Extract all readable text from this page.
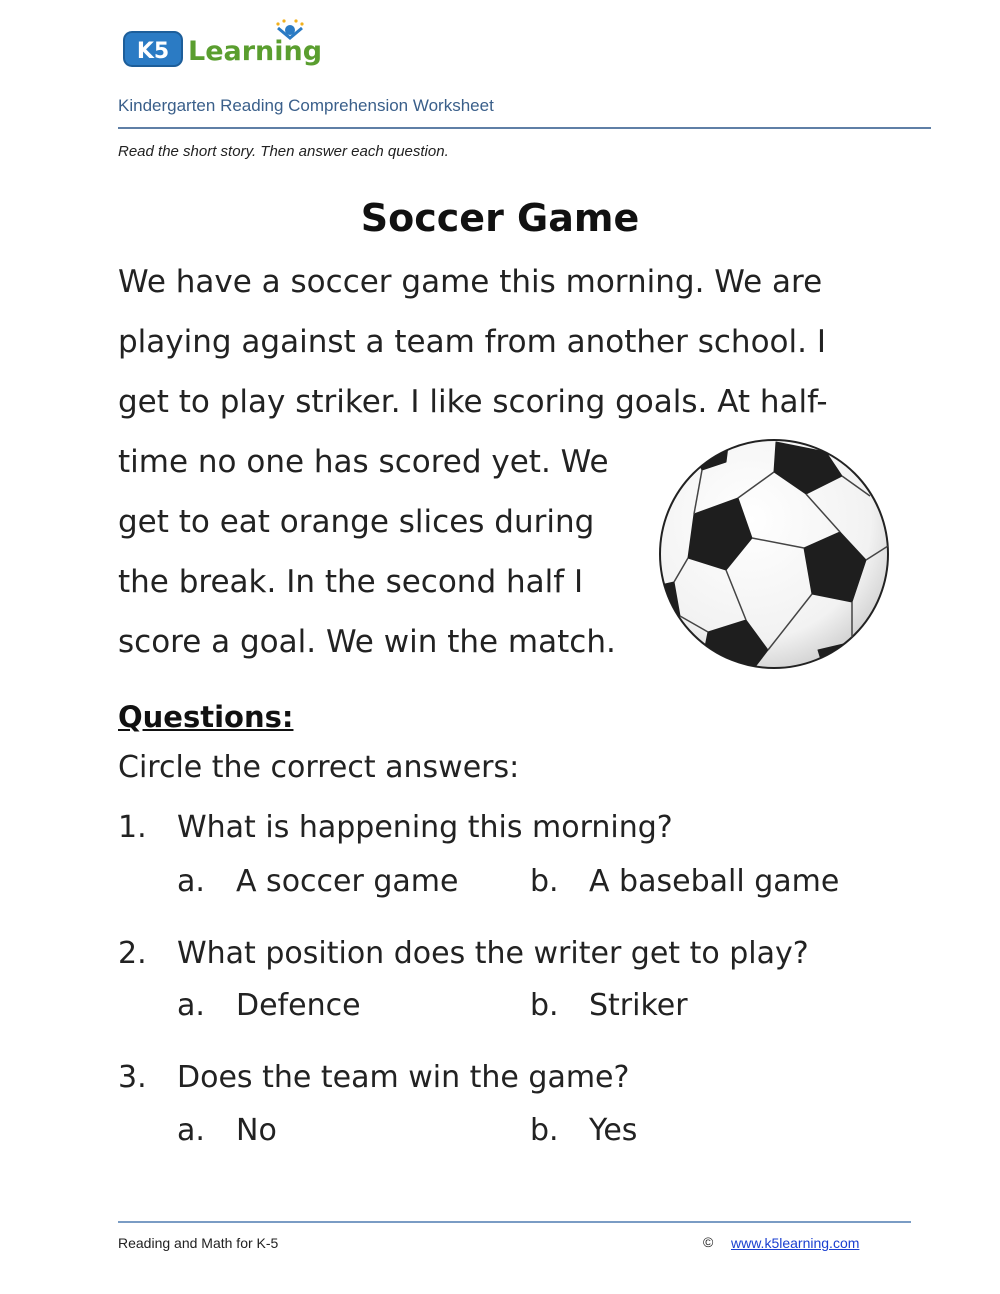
K5 Learning
Kindergarten Reading Comprehension Worksheet
Read the short story. Then answer each question.
Soccer Game
We have a soccer game this morning. We are
playing against a team from another school. I
get to play striker. I like scoring goals. At half-
time no one has scored yet. We
get to eat orange slices during
the break. In the second half I
score a goal. We win the match.
Questions:
Circle the correct answers:
1. What is happening this morning?
a. A soccer game b. A baseball game
2. What position does the writer get to play?
a. Defence	b. Striker
3. Does the team win the game?
a. No	b. Yes
Reading and Math for K-5	© www.k5learning.com
